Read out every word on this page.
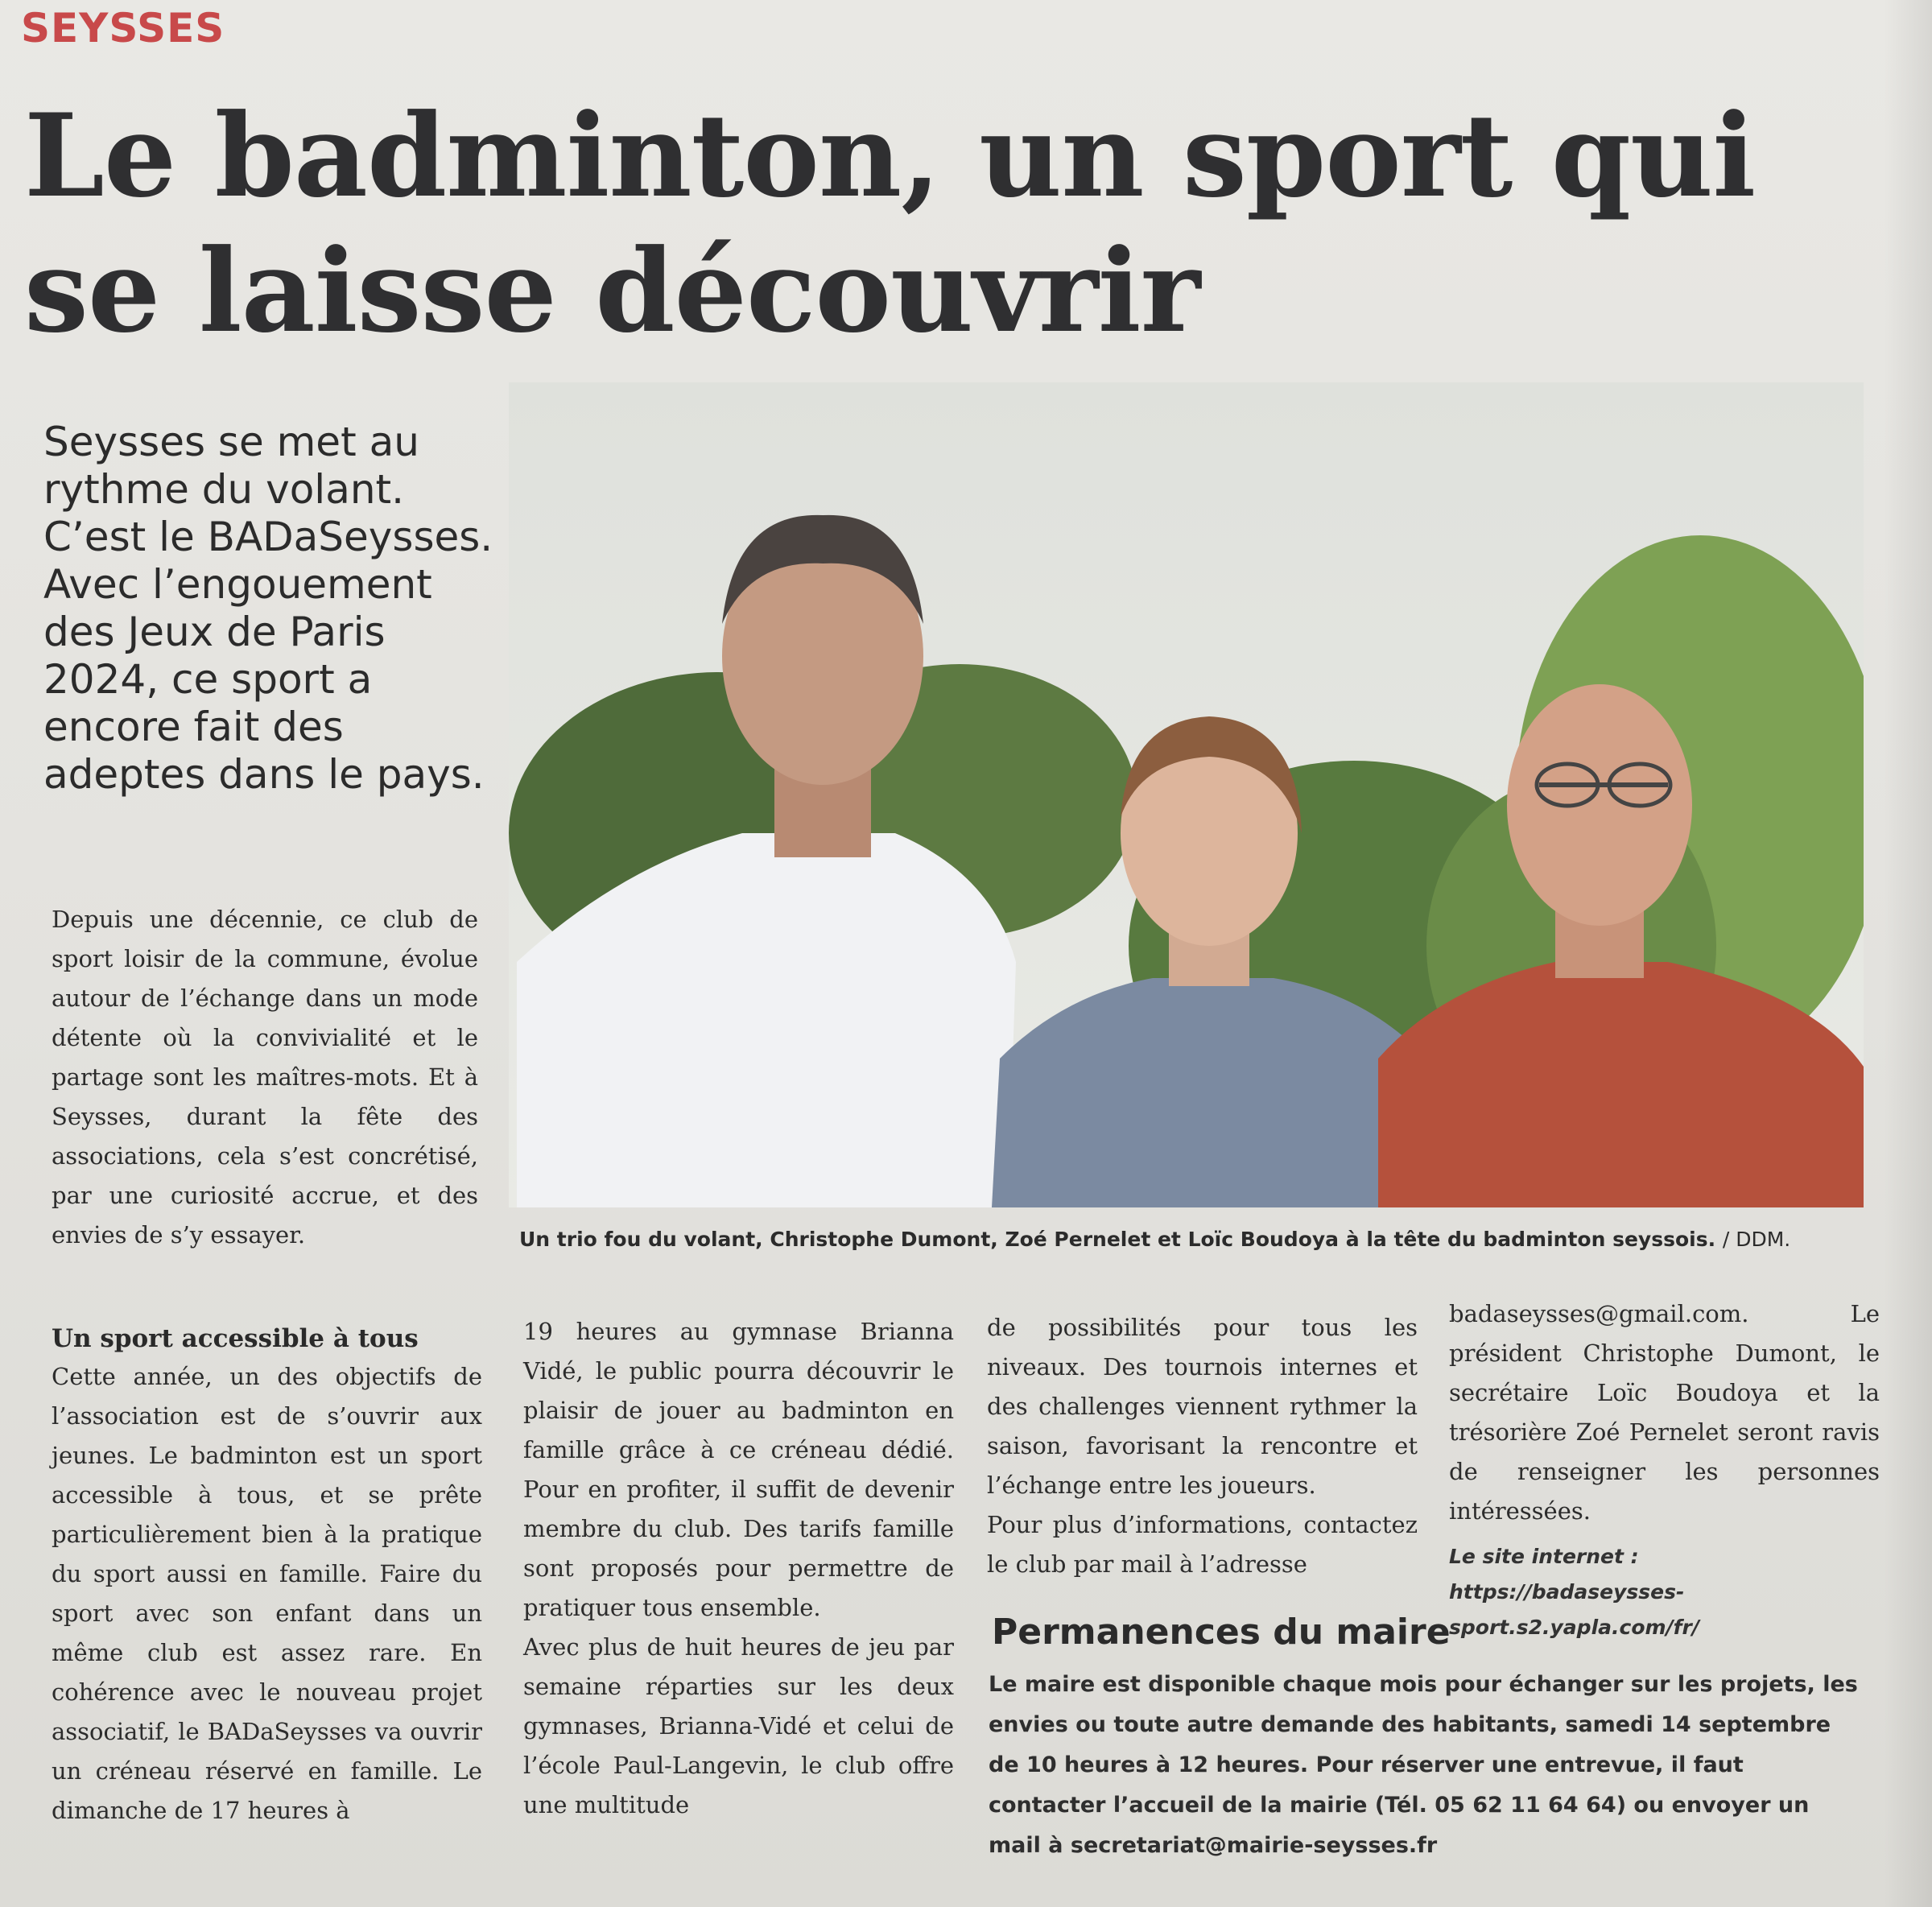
SEYSSES
Le badminton, un sport qui se laisse découvrir
Seysses se met au rythme du volant. C’est le BADaSeysses. Avec l’engouement des Jeux de Paris 2024, ce sport a encore fait des adeptes dans le pays.

Depuis une décennie, ce club de sport loisir de la commune, évolue autour de l’échange dans un mode détente où la convivialité et le partage sont les maîtres-mots. Et à Seysses, durant la fête des associations, cela s’est concrétisé, par une curiosité accrue, et des envies de s’y essayer.	Un trio fou du volant, Christophe Dumont, Zoé Pernelet et Loïc Boudoya à la tête du badminton seyssois. / DDM.
Un sport accessible à tous

Cette année, un des objectifs de l’association est de s’ouvrir aux jeunes. Le badminton est un sport accessible à tous, et se prête particulièrement bien à la pratique du sport aussi en famille. Faire du sport avec son enfant dans un même club est assez rare. En cohérence avec le nouveau projet associatif, le BADaSeysses va ouvrir un créneau réservé en famille. Le dimanche de 17 heures à

19 heures au gymnase Brianna Vidé, le public pourra découvrir le plaisir de jouer au badminton en famille grâce à ce créneau dédié. Pour en profiter, il suffit de devenir membre du club. Des tarifs famille sont proposés pour permettre de pratiquer tous ensemble.

Avec plus de huit heures de jeu par semaine réparties sur les deux gymnases, Brianna-Vidé et celui de l’école Paul-Langevin, le club offre une multitude

de possibilités pour tous les niveaux. Des tournois internes et des challenges viennent rythmer la saison, favorisant la rencontre et l’échange entre les joueurs.

Pour plus d’informations, contactez le club par mail à l’adresse

badaseysses@gmail.com. Le président Christophe Dumont, le secrétaire Loïc Boudoya et la trésorière Zoé Pernelet seront ravis de renseigner les personnes intéressées.

Le site internet : https://badaseysses-sport.s2.yapla.com/fr/
Permanences du maire
Le maire est disponible chaque mois pour échanger sur les projets, les envies ou toute autre demande des habitants, samedi 14 septembre de 10 heures à 12 heures. Pour réserver une entrevue, il faut contacter l’accueil de la mairie (Tél. 05 62 11 64 64) ou envoyer un mail à secretariat@mairie-seysses.fr
